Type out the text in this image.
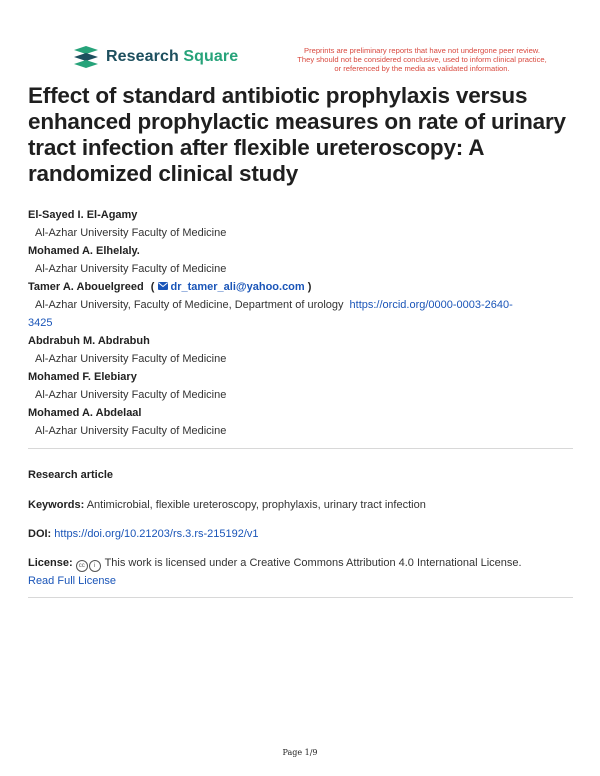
Research Square	Preprints are preliminary reports that have not undergone peer review.
They should not be considered conclusive, used to inform clinical practice,
or referenced by the media as validated information.
Effect of standard antibiotic prophylaxis versus enhanced prophylactic measures on rate of urinary tract infection after flexible ureteroscopy: A randomized clinical study
El-Sayed I. El-Agamy
Al-Azhar University Faculty of Medicine
Mohamed A. Elhelaly.
Al-Azhar University Faculty of Medicine
Tamer A. Abouelgreed ( dr_tamer_ali@yahoo.com )
Al-Azhar University, Faculty of Medicine, Department of urology https://orcid.org/0000-0003-2640-
3425
Abdrabuh M. Abdrabuh
Al-Azhar University Faculty of Medicine
Mohamed F. Elebiary
Al-Azhar University Faculty of Medicine
Mohamed A. Abdelaal
Al-Azhar University Faculty of Medicine
Research article
Keywords: Antimicrobial, flexible ureteroscopy, prophylaxis, urinary tract infection
DOI: https://doi.org/10.21203/rs.3.rs-215192/v1
License: cc i This work is licensed under a Creative Commons Attribution 4.0 International License.
Read Full License
Page 1/9
